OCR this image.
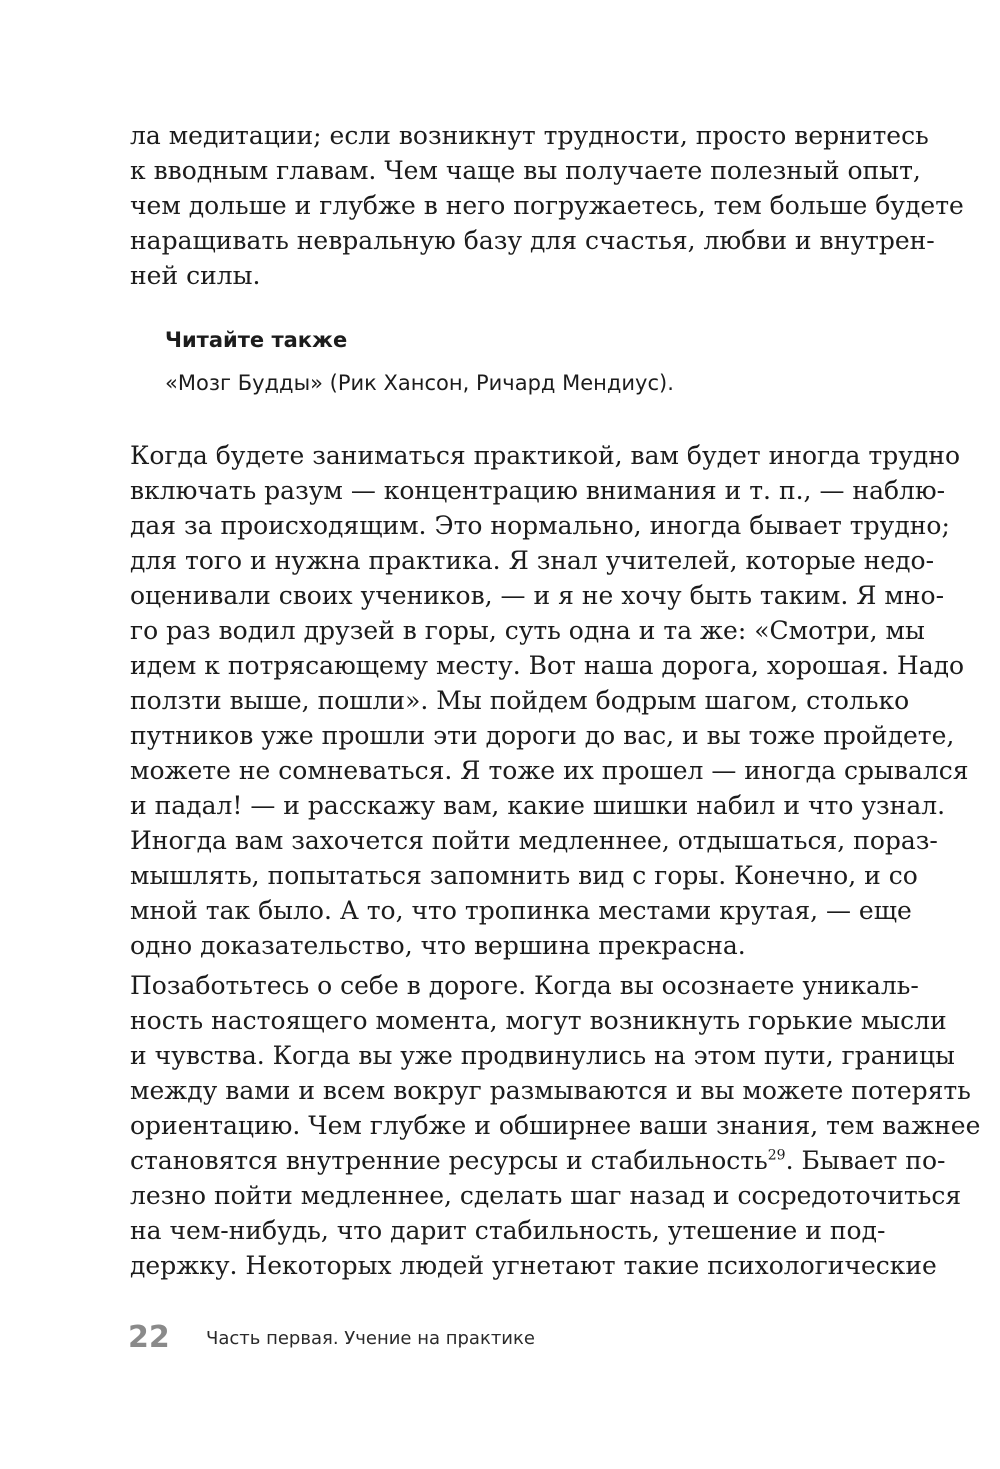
ла медитации; если возникнут трудности, просто вернитесь
к вводным главам. Чем чаще вы получаете полезный опыт,
чем дольше и глубже в него погружаетесь, тем больше будете
наращивать невральную базу для счастья, любви и внутрен-
ней силы.

Читайте также

«Мозг Будды» (Рик Хансон, Ричард Мендиус).

Когда будете заниматься практикой, вам будет иногда трудно
включать разум — концентрацию внимания и т. п., — наблю-
дая за происходящим. Это нормально, иногда бывает трудно;
для того и нужна практика. Я знал учителей, которые недо-
оценивали своих учеников, — и я не хочу быть таким. Я мно-
го раз водил друзей в горы, суть одна и та же: «Смотри, мы
идем к потрясающему месту. Вот наша дорога, хорошая. Надо
ползти выше, пошли». Мы пойдем бодрым шагом, столько
путников уже прошли эти дороги до вас, и вы тоже пройдете,
можете не сомневаться. Я тоже их прошел — иногда срывался
и падал! — и расскажу вам, какие шишки набил и что узнал.
Иногда вам захочется пойти медленнее, отдышаться, пораз-
мышлять, попытаться запомнить вид с горы. Конечно, и со
мной так было. А то, что тропинка местами крутая, — еще
одно доказательство, что вершина прекрасна.
Позаботьтесь о себе в дороге. Когда вы осознаете уникаль-
ность настоящего момента, могут возникнуть горькие мысли
и чувства. Когда вы уже продвинулись на этом пути, границы
между вами и всем вокруг размываются и вы можете потерять
ориентацию. Чем глубже и обширнее ваши знания, тем важнее
становятся внутренние ресурсы и стабильность$^{29}$. Бывает по-
лезно пойти медленнее, сделать шаг назад и сосредоточиться
на чем-нибудь, что дарит стабильность, утешение и под-
держку. Некоторых людей угнетают такие психологические

22 Часть первая. Учение на практике
